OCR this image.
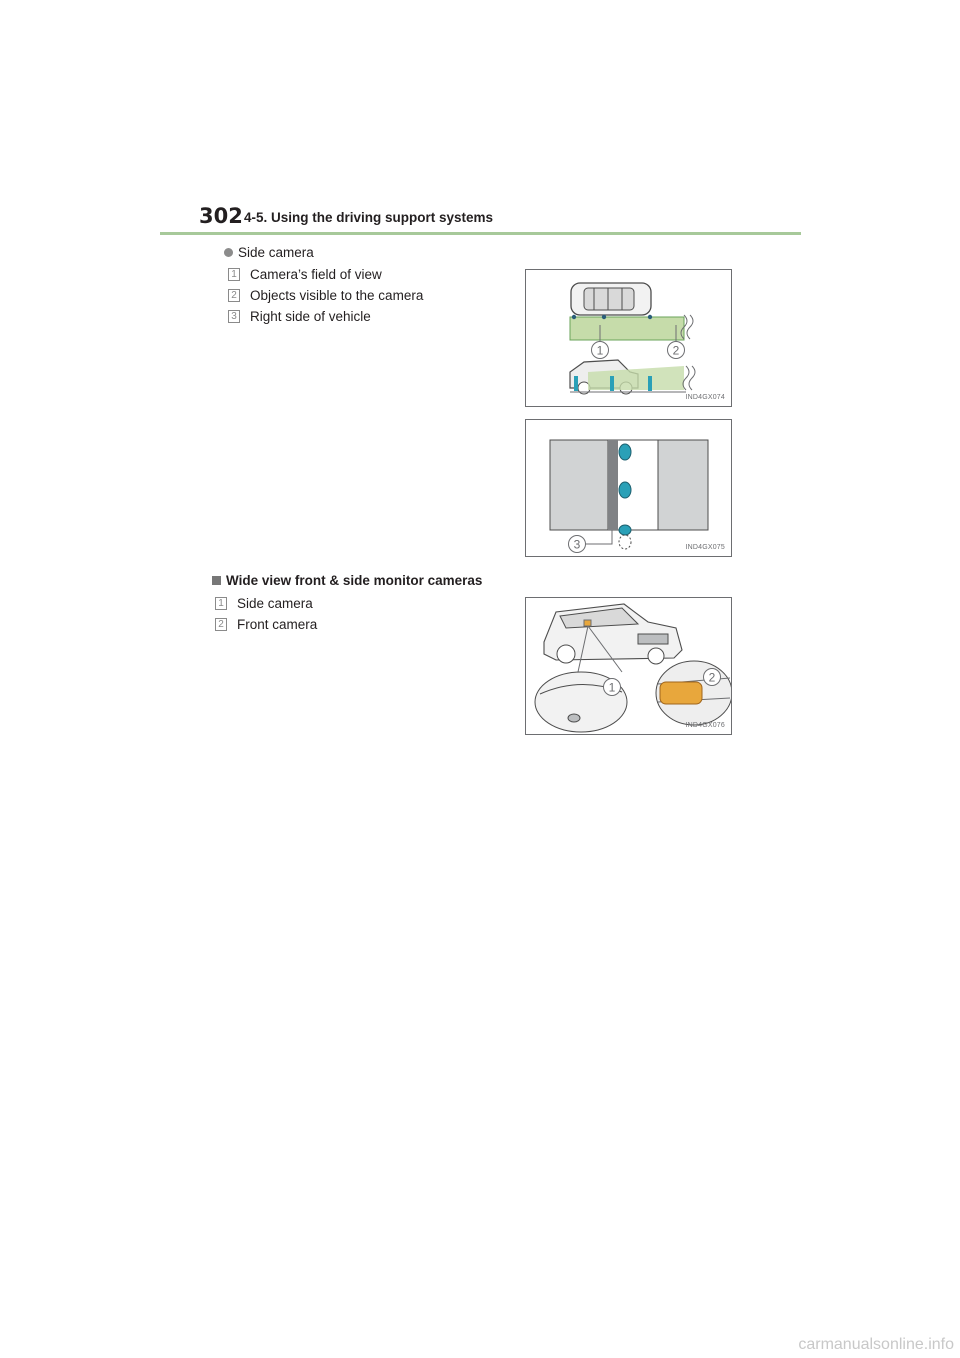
302 4-5. Using the driving support systems
Side camera
1 Camera’s field of view
2 Objects visible to the camera
3 Right side of vehicle
1	2
IND4GX074
3	IND4GX075
Wide view front & side monitor cameras
1 Side camera
2 Front camera
1
2
IND4GX076
carmanualsonline.info
